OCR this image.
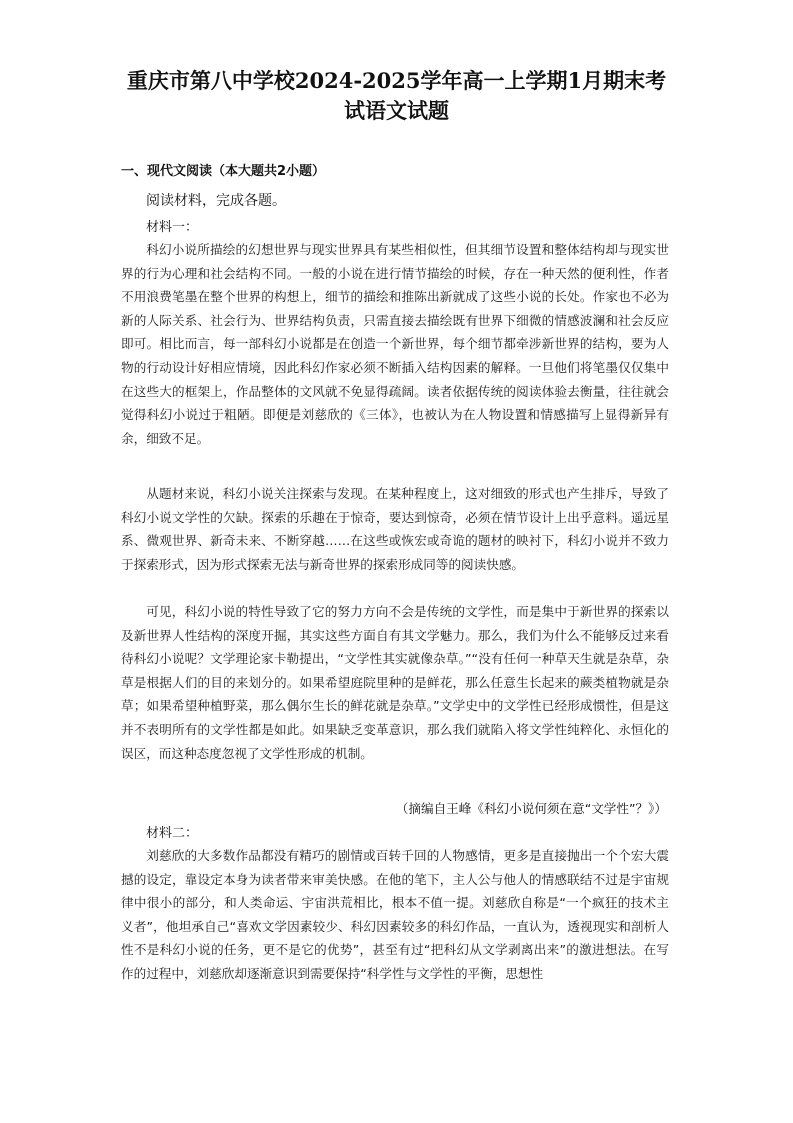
重庆市第八中学校2024-2025学年高一上学期1月期末考
试语文试题
一、现代文阅读（本大题共2小题）
阅读材料，完成各题。
材料一：

科幻小说所描绘的幻想世界与现实世界具有某些相似性，但其细节设置和整体结构却与现实世界的行为心理和社会结构不同。一般的小说在进行情节描绘的时候，存在一种天然的便利性，作者不用浪费笔墨在整个世界的构想上，细节的描绘和推陈出新就成了这些小说的长处。作家也不必为新的人际关系、社会行为、世界结构负责，只需直接去描绘既有世界下细微的情感波澜和社会反应即可。相比而言，每一部科幻小说都是在创造一个新世界，每个细节都牵涉新世界的结构，要为人物的行动设计好相应情境，因此科幻作家必须不断插入结构因素的解释。一旦他们将笔墨仅仅集中在这些大的框架上，作品整体的文风就不免显得疏阔。读者依据传统的阅读体验去衡量，往往就会觉得科幻小说过于粗陋。即便是刘慈欣的《三体》，也被认为在人物设置和情感描写上显得新异有余，细致不足。

从题材来说，科幻小说关注探索与发现。在某种程度上，这对细致的形式也产生排斥，导致了科幻小说文学性的欠缺。探索的乐趣在于惊奇，要达到惊奇，必须在情节设计上出乎意料。遥远星系、微观世界、新奇未来、不断穿越……在这些或恢宏或奇诡的题材的映衬下，科幻小说并不致力于探索形式，因为形式探索无法与新奇世界的探索形成同等的阅读快感。

可见，科幻小说的特性导致了它的努力方向不会是传统的文学性，而是集中于新世界的探索以及新世界人性结构的深度开掘，其实这些方面自有其文学魅力。那么，我们为什么不能够反过来看待科幻小说呢？文学理论家卡勒提出，“文学性其实就像杂草。”“没有任何一种草天生就是杂草，杂草是根据人们的目的来划分的。如果希望庭院里种的是鲜花，那么任意生长起来的蕨类植物就是杂草；如果希望种植野菜，那么偶尔生长的鲜花就是杂草。”文学史中的文学性已经形成惯性，但是这并不表明所有的文学性都是如此。如果缺乏变革意识，那么我们就陷入将文学性纯粹化、永恒化的误区，而这种态度忽视了文学性形成的机制。

（摘编自王峰《科幻小说何须在意“文学性”？》）
材料二：

刘慈欣的大多数作品都没有精巧的剧情或百转千回的人物感情，更多是直接抛出一个个宏大震撼的设定，靠设定本身为读者带来审美快感。在他的笔下，主人公与他人的情感联结不过是宇宙规律中很小的部分，和人类命运、宇宙洪荒相比，根本不值一提。刘慈欣自称是“一个疯狂的技术主义者”，他坦承自己“喜欢文学因素较少、科幻因素较多的科幻作品，一直认为，透视现实和剖析人性不是科幻小说的任务，更不是它的优势”，甚至有过“把科幻从文学剥离出来”的激进想法。在写作的过程中，刘慈欣却逐渐意识到需要保持“科学性与文学性的平衡，思想性
